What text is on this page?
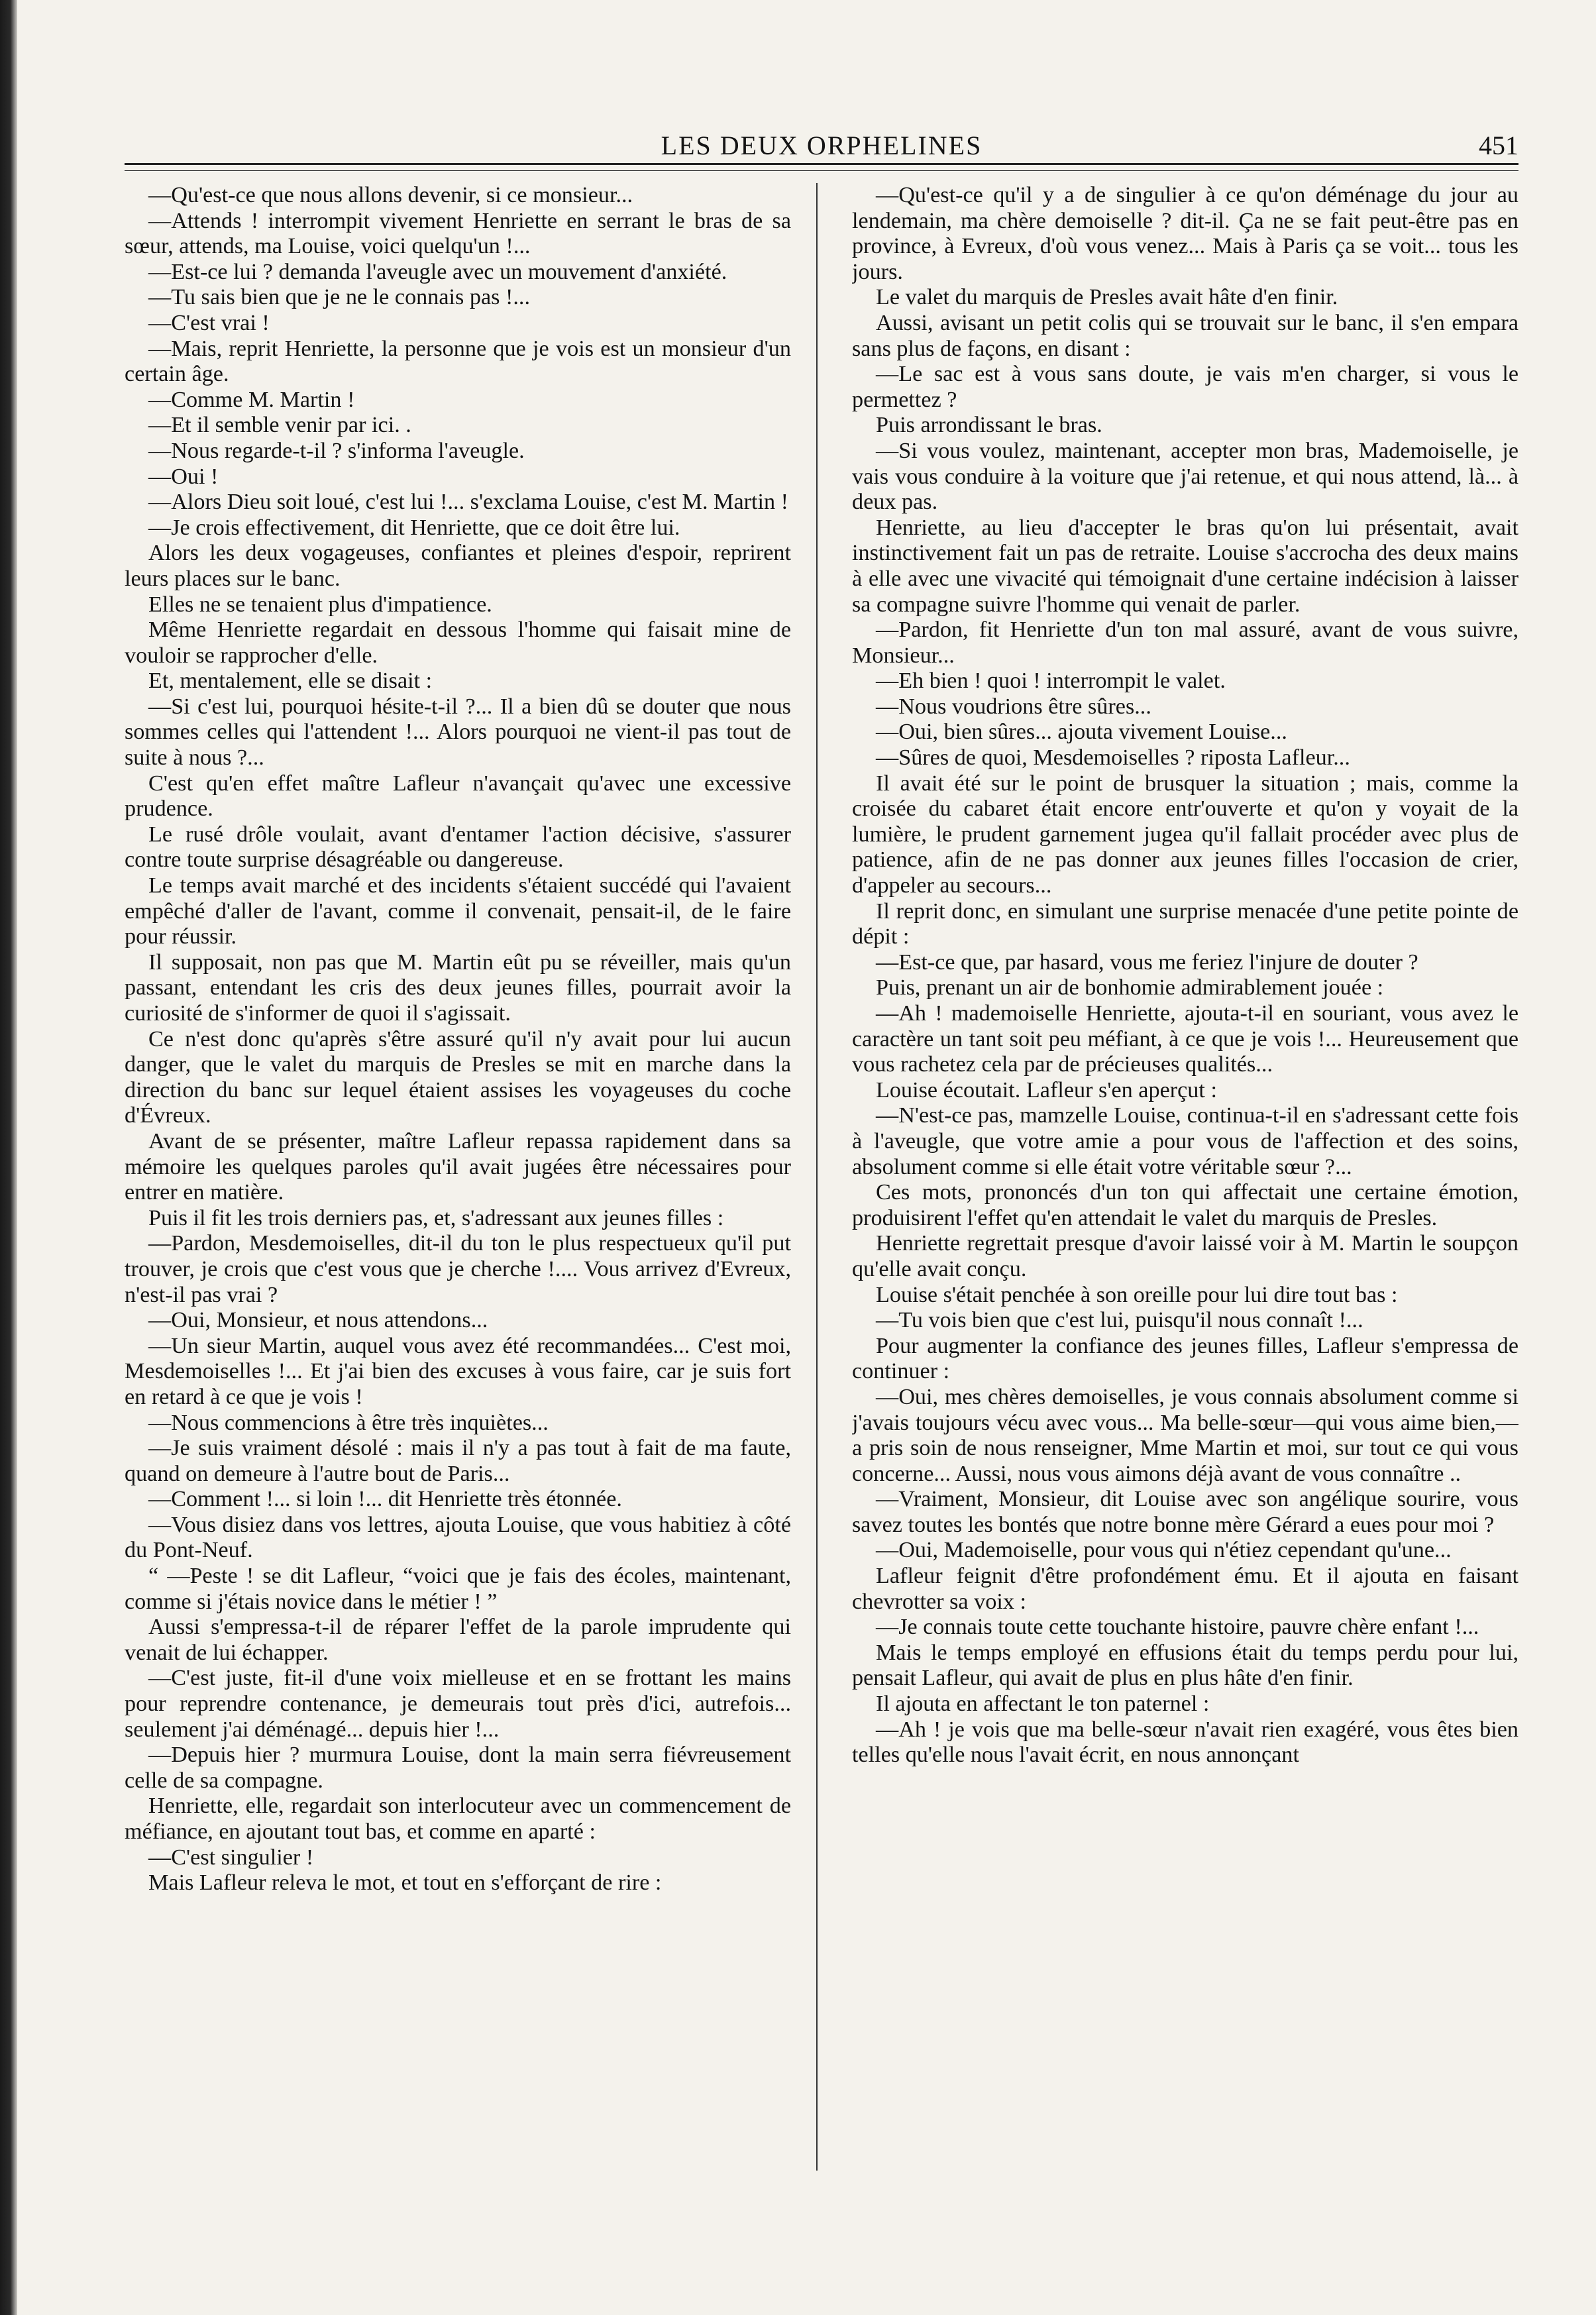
LES DEUX ORPHELINES	451

—Qu'est-ce que nous allons devenir, si ce monsieur...

—Attends ! interrompit vivement Henriette en serrant le bras de sa sœur, attends, ma Louise, voici quelqu'un !...

—Est-ce lui ? demanda l'aveugle avec un mouvement d'anxiété.

—Tu sais bien que je ne le connais pas !...

—C'est vrai !

—Mais, reprit Henriette, la personne que je vois est un monsieur d'un certain âge.

—Comme M. Martin !

—Et il semble venir par ici. .

—Nous regarde-t-il ? s'informa l'aveugle.

—Oui !

—Alors Dieu soit loué, c'est lui !... s'exclama Louise, c'est M. Martin !

—Je crois effectivement, dit Henriette, que ce doit être lui.

Alors les deux vogageuses, confiantes et pleines d'espoir, reprirent leurs places sur le banc.

Elles ne se tenaient plus d'impatience.

Même Henriette regardait en dessous l'homme qui faisait mine de vouloir se rapprocher d'elle.

Et, mentalement, elle se disait :

—Si c'est lui, pourquoi hésite-t-il ?... Il a bien dû se douter que nous sommes celles qui l'attendent !... Alors pourquoi ne vient-il pas tout de suite à nous ?...

C'est qu'en effet maître Lafleur n'avançait qu'avec une excessive prudence.

Le rusé drôle voulait, avant d'entamer l'action décisive, s'assurer contre toute surprise désagréable ou dangereuse.

Le temps avait marché et des incidents s'étaient succédé qui l'avaient empêché d'aller de l'avant, comme il convenait, pensait-il, de le faire pour réussir.

Il supposait, non pas que M. Martin eût pu se réveiller, mais qu'un passant, entendant les cris des deux jeunes filles, pourrait avoir la curiosité de s'informer de quoi il s'agissait.

Ce n'est donc qu'après s'être assuré qu'il n'y avait pour lui aucun danger, que le valet du marquis de Presles se mit en marche dans la direction du banc sur lequel étaient assises les voyageuses du coche d'Évreux.

Avant de se présenter, maître Lafleur repassa rapidement dans sa mémoire les quelques paroles qu'il avait jugées être nécessaires pour entrer en matière.

Puis il fit les trois derniers pas, et, s'adressant aux jeunes filles :

—Pardon, Mesdemoiselles, dit-il du ton le plus respectueux qu'il put trouver, je crois que c'est vous que je cherche !.... Vous arrivez d'Evreux, n'est-il pas vrai ?

—Oui, Monsieur, et nous attendons...

—Un sieur Martin, auquel vous avez été recommandées... C'est moi, Mesdemoiselles !... Et j'ai bien des excuses à vous faire, car je suis fort en retard à ce que je vois !

—Nous commencions à être très inquiètes...

—Je suis vraiment désolé : mais il n'y a pas tout à fait de ma faute, quand on demeure à l'autre bout de Paris...

—Comment !... si loin !... dit Henriette très étonnée.

—Vous disiez dans vos lettres, ajouta Louise, que vous habitiez à côté du Pont-Neuf.

“ —Peste ! se dit Lafleur, “voici que je fais des écoles, maintenant, comme si j'étais novice dans le métier ! ”

Aussi s'empressa-t-il de réparer l'effet de la parole imprudente qui venait de lui échapper.

—C'est juste, fit-il d'une voix mielleuse et en se frottant les mains pour reprendre contenance, je demeurais tout près d'ici, autrefois... seulement j'ai déménagé... depuis hier !...

—Depuis hier ? murmura Louise, dont la main serra fiévreusement celle de sa compagne.

Henriette, elle, regardait son interlocuteur avec un commencement de méfiance, en ajoutant tout bas, et comme en aparté :

—C'est singulier !

Mais Lafleur releva le mot, et tout en s'efforçant de rire :

—Qu'est-ce qu'il y a de singulier à ce qu'on déménage du jour au lendemain, ma chère demoiselle ? dit-il. Ça ne se fait peut-être pas en province, à Evreux, d'où vous venez... Mais à Paris ça se voit... tous les jours.

Le valet du marquis de Presles avait hâte d'en finir.

Aussi, avisant un petit colis qui se trouvait sur le banc, il s'en empara sans plus de façons, en disant :

—Le sac est à vous sans doute, je vais m'en charger, si vous le permettez ?

Puis arrondissant le bras.

—Si vous voulez, maintenant, accepter mon bras, Mademoiselle, je vais vous conduire à la voiture que j'ai retenue, et qui nous attend, là... à deux pas.

Henriette, au lieu d'accepter le bras qu'on lui présentait, avait instinctivement fait un pas de retraite. Louise s'accrocha des deux mains à elle avec une vivacité qui témoignait d'une certaine indécision à laisser sa compagne suivre l'homme qui venait de parler.

—Pardon, fit Henriette d'un ton mal assuré, avant de vous suivre, Monsieur...

—Eh bien ! quoi ! interrompit le valet.

—Nous voudrions être sûres...

—Oui, bien sûres... ajouta vivement Louise...

—Sûres de quoi, Mesdemoiselles ? riposta Lafleur...

Il avait été sur le point de brusquer la situation ; mais, comme la croisée du cabaret était encore entr'ouverte et qu'on y voyait de la lumière, le prudent garnement jugea qu'il fallait procéder avec plus de patience, afin de ne pas donner aux jeunes filles l'occasion de crier, d'appeler au secours...

Il reprit donc, en simulant une surprise menacée d'une petite pointe de dépit :

—Est-ce que, par hasard, vous me feriez l'injure de douter ?

Puis, prenant un air de bonhomie admirablement jouée :

—Ah ! mademoiselle Henriette, ajouta-t-il en souriant, vous avez le caractère un tant soit peu méfiant, à ce que je vois !... Heureusement que vous rachetez cela par de précieuses qualités...

Louise écoutait. Lafleur s'en aperçut :

—N'est-ce pas, mamzelle Louise, continua-t-il en s'adressant cette fois à l'aveugle, que votre amie a pour vous de l'affection et des soins, absolument comme si elle était votre véritable sœur ?...

Ces mots, prononcés d'un ton qui affectait une certaine émotion, produisirent l'effet qu'en attendait le valet du marquis de Presles.

Henriette regrettait presque d'avoir laissé voir à M. Martin le soupçon qu'elle avait conçu.

Louise s'était penchée à son oreille pour lui dire tout bas :

—Tu vois bien que c'est lui, puisqu'il nous connaît !...

Pour augmenter la confiance des jeunes filles, Lafleur s'empressa de continuer :

—Oui, mes chères demoiselles, je vous connais absolument comme si j'avais toujours vécu avec vous... Ma belle-sœur—qui vous aime bien,—a pris soin de nous renseigner, Mme Martin et moi, sur tout ce qui vous concerne... Aussi, nous vous aimons déjà avant de vous connaître ..

—Vraiment, Monsieur, dit Louise avec son angélique sourire, vous savez toutes les bontés que notre bonne mère Gérard a eues pour moi ?

—Oui, Mademoiselle, pour vous qui n'étiez cependant qu'une...

Lafleur feignit d'être profondément ému. Et il ajouta en faisant chevrotter sa voix :

—Je connais toute cette touchante histoire, pauvre chère enfant !...

Mais le temps employé en effusions était du temps perdu pour lui, pensait Lafleur, qui avait de plus en plus hâte d'en finir.

Il ajouta en affectant le ton paternel :

—Ah ! je vois que ma belle-sœur n'avait rien exagéré, vous êtes bien telles qu'elle nous l'avait écrit, en nous annonçant
